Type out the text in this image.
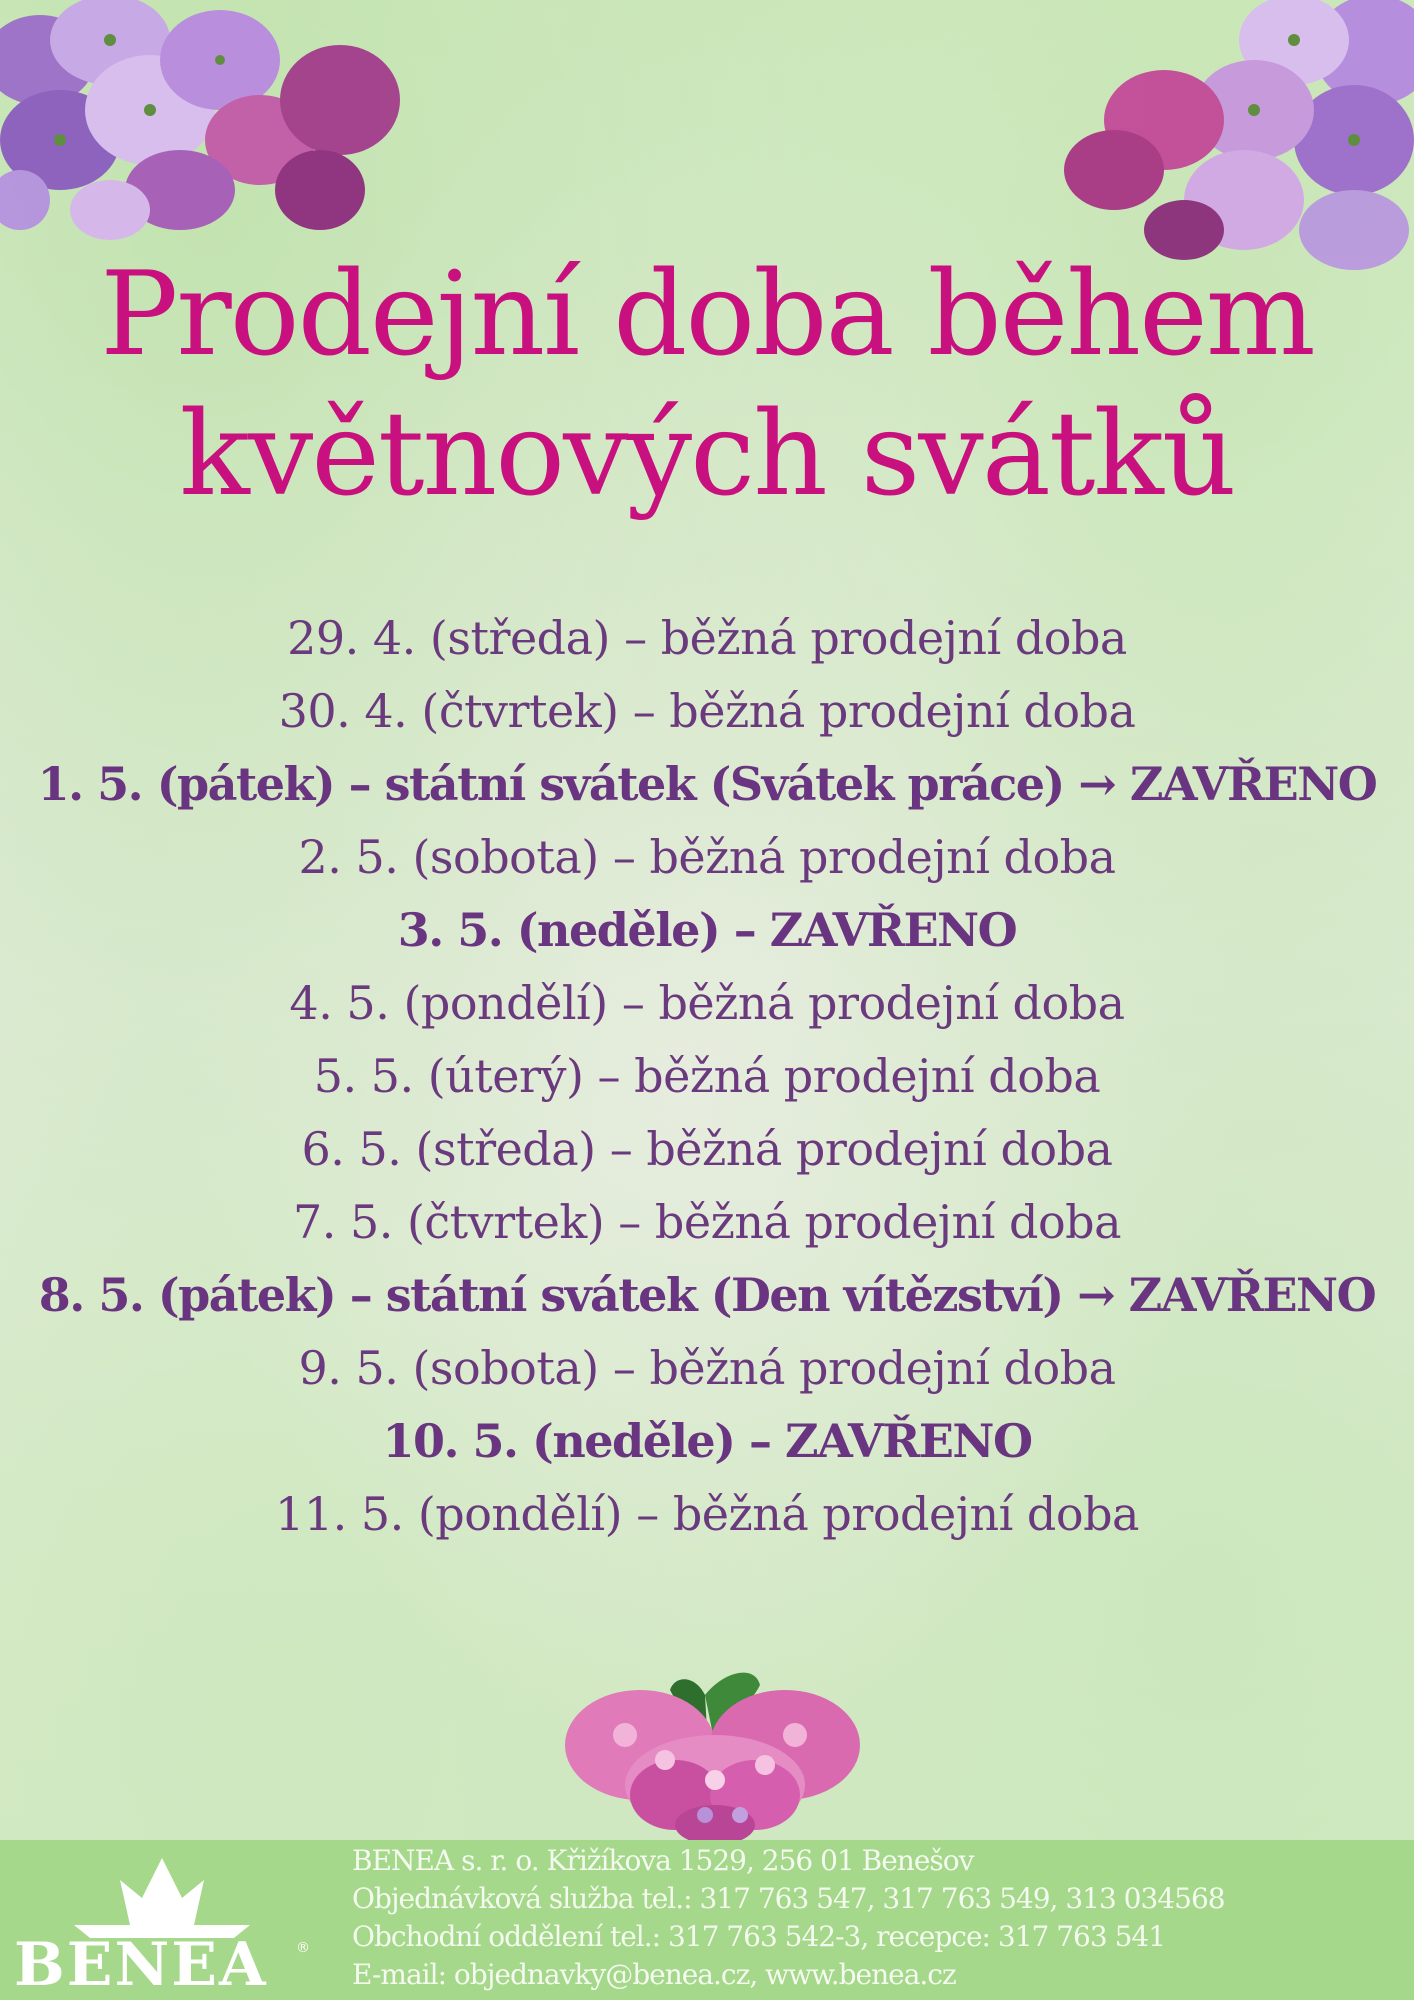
Prodejní doba během
květnových svátků
29. 4. (středa) – běžná prodejní doba
30. 4. (čtvrtek) – běžná prodejní doba
1. 5. (pátek) – státní svátek (Svátek práce) → ZAVŘENO
2. 5. (sobota) – běžná prodejní doba
3. 5. (neděle) – ZAVŘENO
4. 5. (pondělí) – běžná prodejní doba
5. 5. (úterý) – běžná prodejní doba
6. 5. (středa) – běžná prodejní doba
7. 5. (čtvrtek) – běžná prodejní doba
8. 5. (pátek) – státní svátek (Den vítězství) → ZAVŘENO
9. 5. (sobota) – běžná prodejní doba
10. 5. (neděle) – ZAVŘENO
11. 5. (pondělí) – běžná prodejní doba
BENEA	®
BENEA s. r. o. Křižíkova 1529, 256 01 Benešov
Objednávková služba tel.: 317 763 547, 317 763 549, 313 034568
Obchodní oddělení tel.: 317 763 542-3, recepce: 317 763 541
E-mail: objednavky@benea.cz, www.benea.cz
